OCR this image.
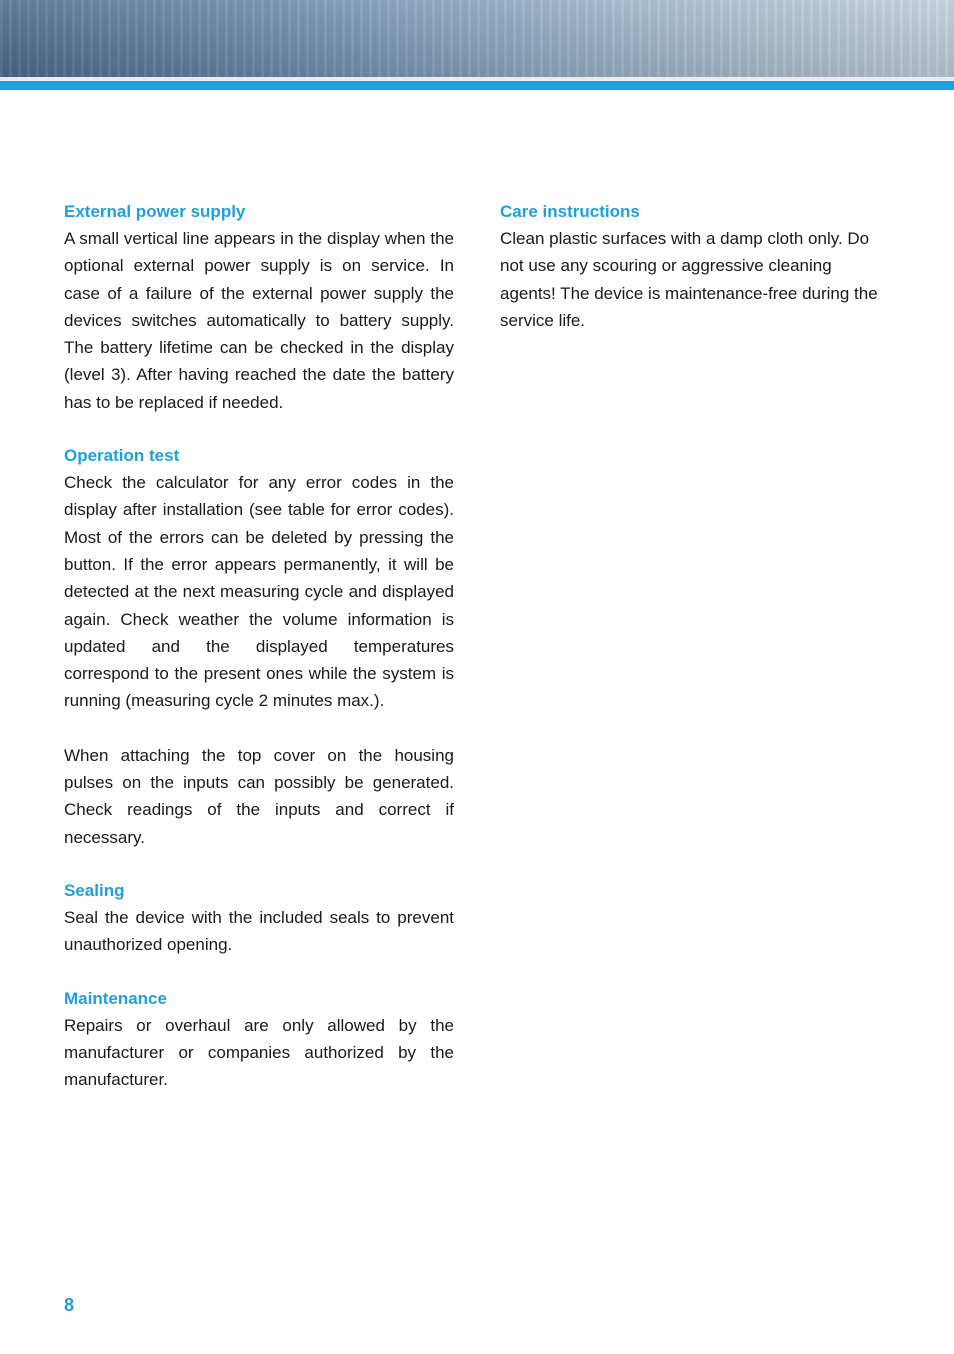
External power supply

A small vertical line appears in the display when the optional external power supply is on service. In case of a failure of the external power supply the devices switches automatically to battery supply. The battery lifetime can be checked in the display (level 3). After having reached the date the battery has to be replaced if needed.

Operation test

Check the calculator for any error codes in the display after installation (see table for error codes). Most of the errors can be deleted by pressing the button. If the error appears permanently, it will be detected at the next measuring cycle and displayed again. Check weather the volume information is updated and the displayed temperatures correspond to the present ones while the system is running (measuring cycle 2 minutes max.).

When attaching the top cover on the housing pulses on the inputs can possibly be generated. Check readings of the inputs and correct if necessary.

Sealing

Seal the device with the included seals to prevent unauthorized opening.

Maintenance

Repairs or overhaul are only allowed by the manufacturer or companies authorized by the manufacturer.

Care instructions

Clean plastic surfaces with a damp cloth only. Do not use any scouring or aggressive cleaning agents! The device is maintenance-free during the service life.

8
